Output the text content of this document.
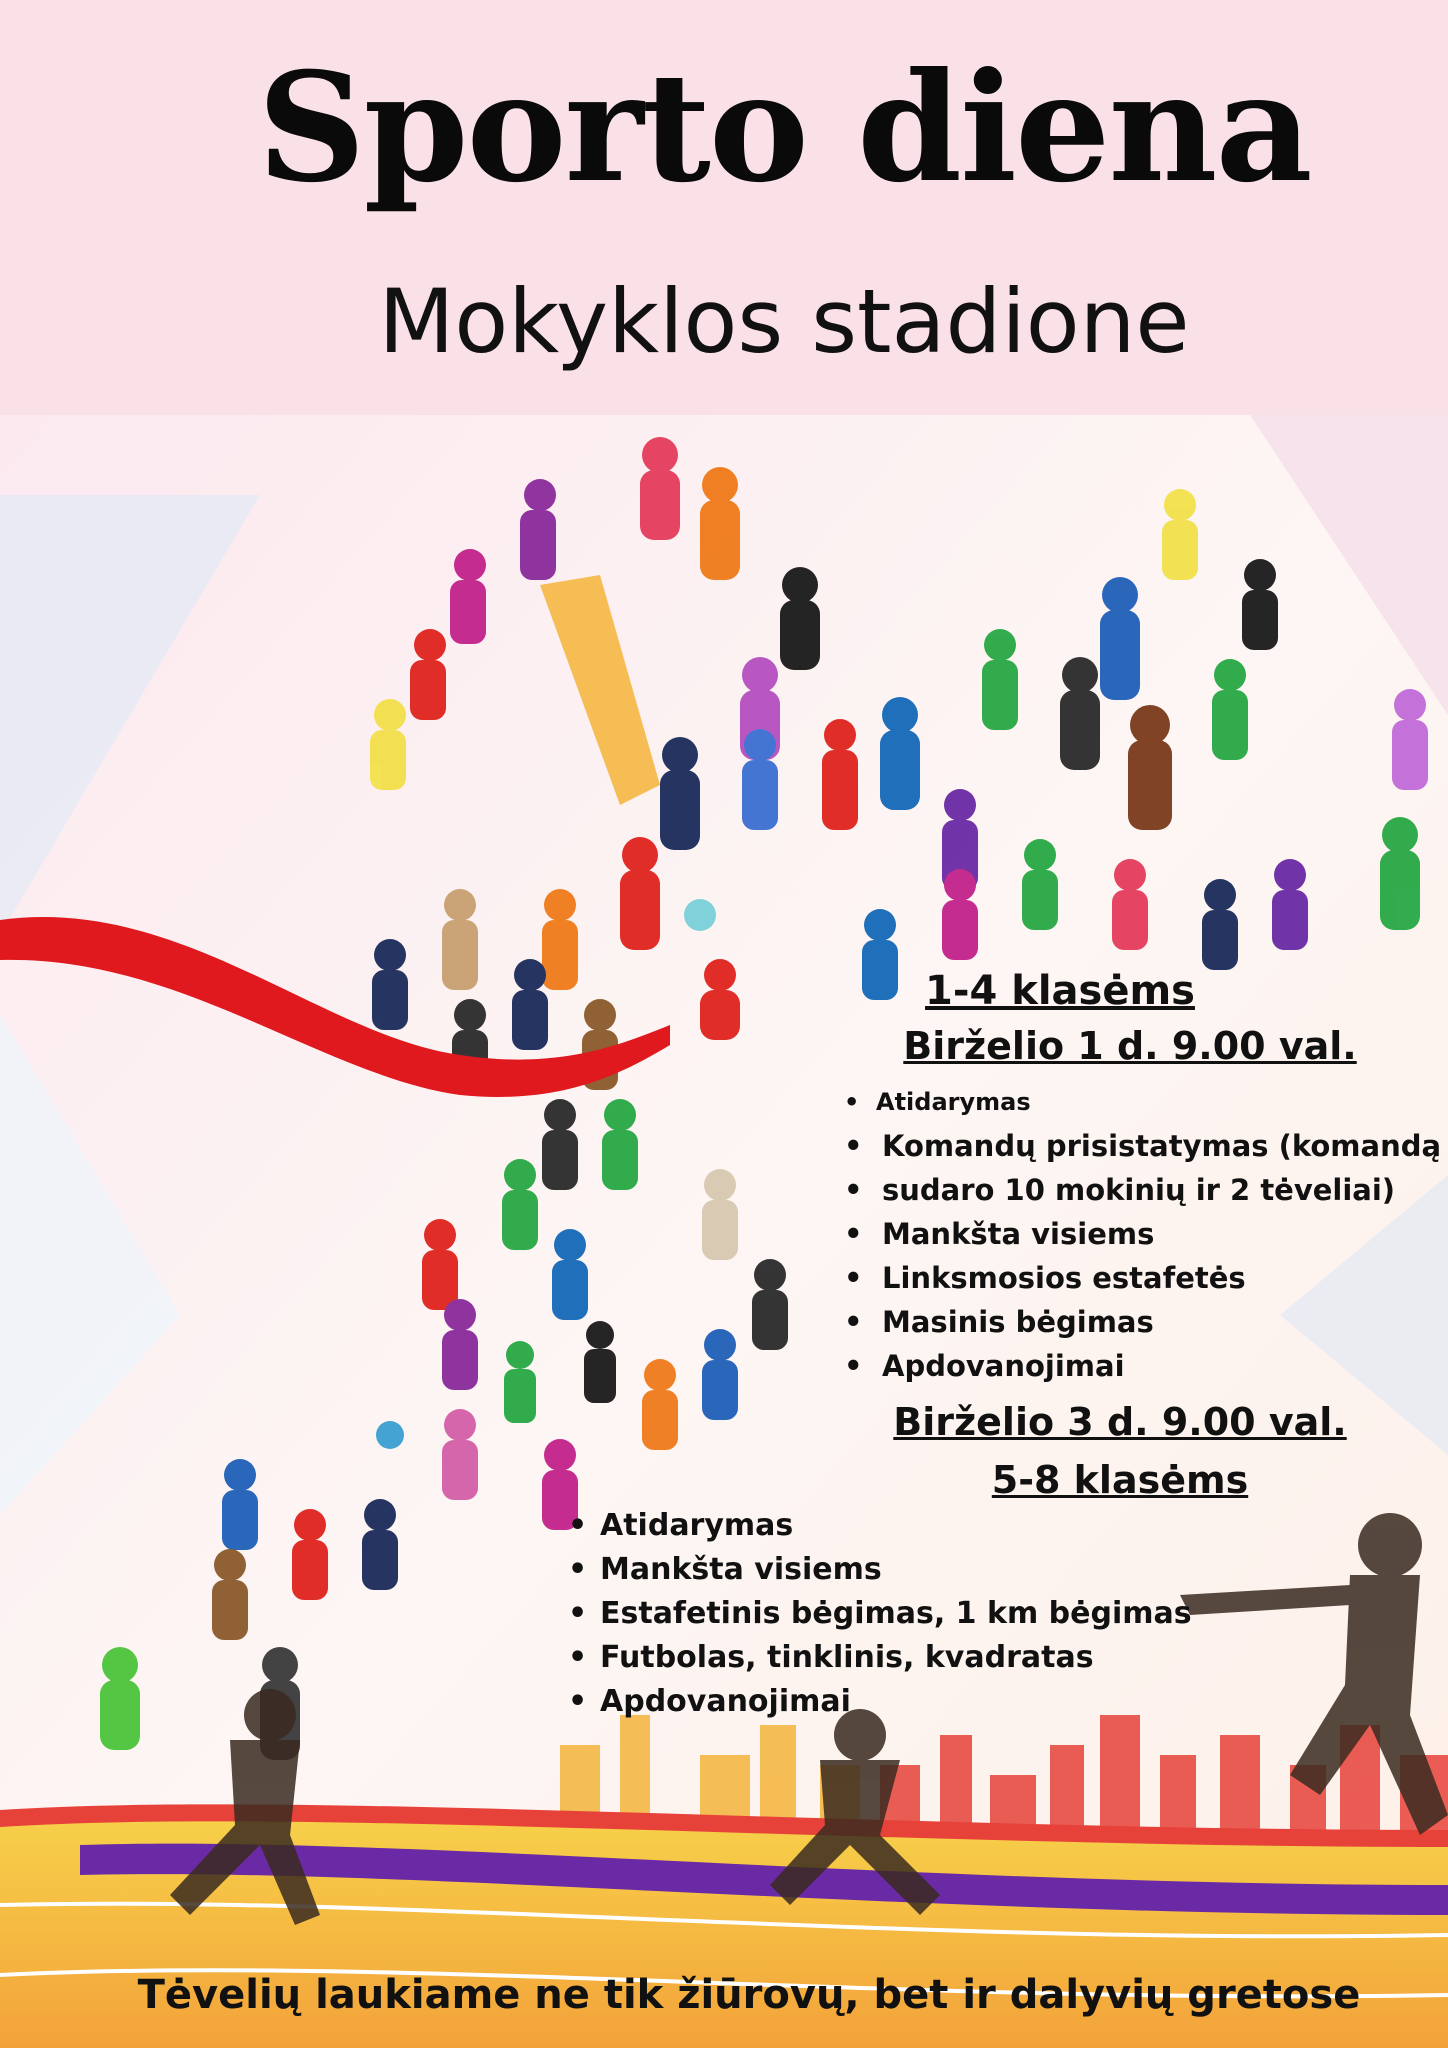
Sporto diena
Mokyklos stadione
1-4 klasėms
Birželio 1 d. 9.00 val.
• Atidarymas
• Komandų prisistatymas (komandą
• sudaro 10 mokinių ir 2 tėveliai)
• Mankšta visiems
• Linksmosios estafetės
• Masinis bėgimas
• Apdovanojimai
Birželio 3 d. 9.00 val.
5-8 klasėms
• Atidarymas
• Mankšta visiems
• Estafetinis bėgimas, 1 km bėgimas
• Futbolas, tinklinis, kvadratas
• Apdovanojimai
Tėvelių laukiame ne tik žiūrovų, bet ir dalyvių gretose
